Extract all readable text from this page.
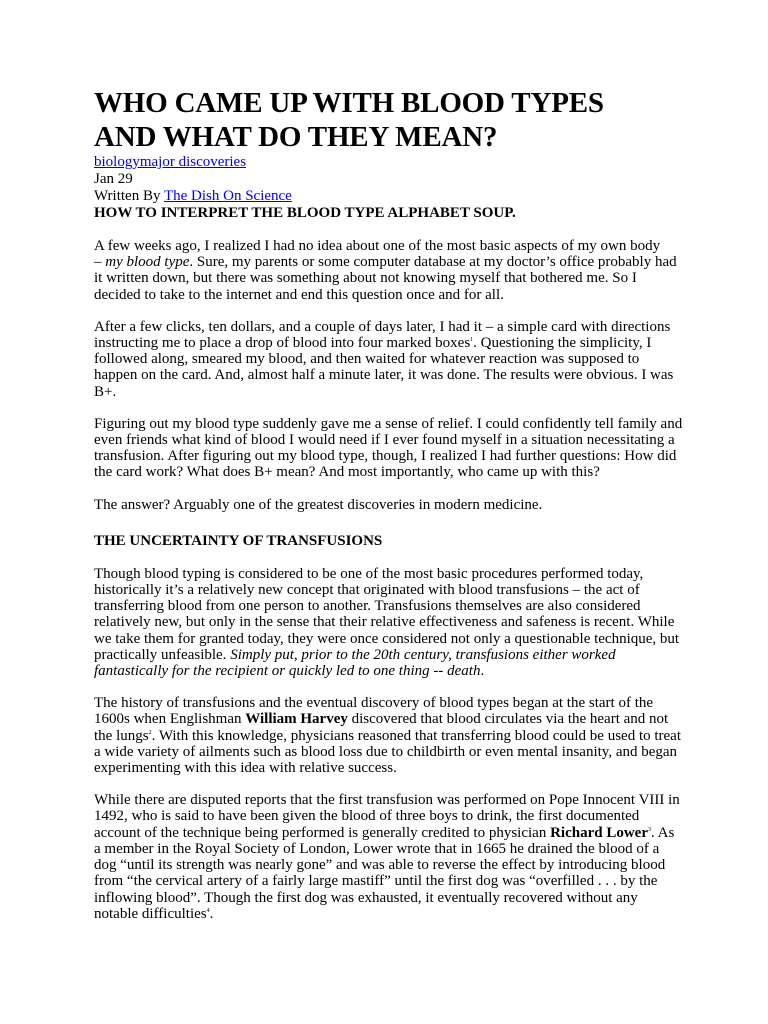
WHO CAME UP WITH BLOOD TYPES
AND WHAT DO THEY MEAN?
biologymajor discoveries
Jan 29
Written By The Dish On Science
HOW TO INTERPRET THE BLOOD TYPE ALPHABET SOUP.

A few weeks ago, I realized I had no idea about one of the most basic aspects of my own body
– my blood type. Sure, my parents or some computer database at my doctor’s office probably had
it written down, but there was something about not knowing myself that bothered me. So I
decided to take to the internet and end this question once and for all.

After a few clicks, ten dollars, and a couple of days later, I had it – a simple card with directions
instructing me to place a drop of blood into four marked boxes$^1$. Questioning the simplicity, I
followed along, smeared my blood, and then waited for whatever reaction was supposed to
happen on the card. And, almost half a minute later, it was done. The results were obvious. I was
B+.

Figuring out my blood type suddenly gave me a sense of relief. I could confidently tell family and
even friends what kind of blood I would need if I ever found myself in a situation necessitating a
transfusion. After figuring out my blood type, though, I realized I had further questions: How did
the card work? What does B+ mean? And most importantly, who came up with this?

The answer? Arguably one of the greatest discoveries in modern medicine.

THE UNCERTAINTY OF TRANSFUSIONS

Though blood typing is considered to be one of the most basic procedures performed today,
historically it’s a relatively new concept that originated with blood transfusions – the act of
transferring blood from one person to another. Transfusions themselves are also considered
relatively new, but only in the sense that their relative effectiveness and safeness is recent. While
we take them for granted today, they were once considered not only a questionable technique, but
practically unfeasible. Simply put, prior to the 20th century, transfusions either worked
fantastically for the recipient or quickly led to one thing -- death.

The history of transfusions and the eventual discovery of blood types began at the start of the
1600s when Englishman William Harvey discovered that blood circulates via the heart and not
the lungs$^2$. With this knowledge, physicians reasoned that transferring blood could be used to treat
a wide variety of ailments such as blood loss due to childbirth or even mental insanity, and began
experimenting with this idea with relative success.

While there are disputed reports that the first transfusion was performed on Pope Innocent VIII in
1492, who is said to have been given the blood of three boys to drink, the first documented
account of the technique being performed is generally credited to physician Richard Lower$^3$. As
a member in the Royal Society of London, Lower wrote that in 1665 he drained the blood of a
dog “until its strength was nearly gone” and was able to reverse the effect by introducing blood
from “the cervical artery of a fairly large mastiff” until the first dog was “overfilled . . . by the
inflowing blood”. Though the first dog was exhausted, it eventually recovered without any
notable difficulties$^4$.
